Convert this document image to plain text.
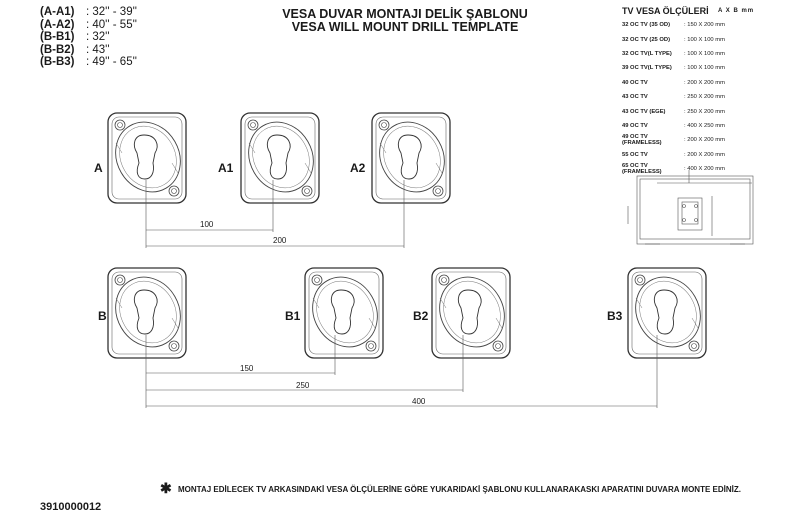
(A-A1)	: 32'' - 39''
(A-A2)	: 40'' - 55''
(B-B1)	: 32''
(B-B2)	: 43''
(B-B3)	: 49'' - 65''
VESA DUVAR MONTAJI DELİK ŞABLONU
VESA WILL MOUNT DRILL TEMPLATE
TV VESA ÖLÇÜLERİ A X B mm
32 OC TV (35 OD)	: 150 X 200 mm
32 OC TV (25 OD)	: 100 X 100 mm
32 OC TV(L TYPE)	: 100 X 100 mm
39 OC TV(L TYPE)	: 100 X 100 mm
40 OC TV	: 200 X 200 mm
43 OC TV	: 250 X 200 mm
43 OC TV (EGE)	: 250 X 200 mm
49 OC TV	: 400 X 250 mm
49 OC TV (FRAMELESS)	: 200 X 200 mm
55 OC TV	: 200 X 200 mm
65 OC TV (FRAMELESS)	: 400 X 200 mm
A	A1	A2
B	B1	B2	B3
100
200
150
250
400
✱ MONTAJ EDİLECEK TV ARKASINDAKİ VESA ÖLÇÜLERİNE GÖRE YUKARIDAKİ ŞABLONU KULLANARAKASKI APARATINI DUVARA MONTE EDİNİZ.
3910000012
